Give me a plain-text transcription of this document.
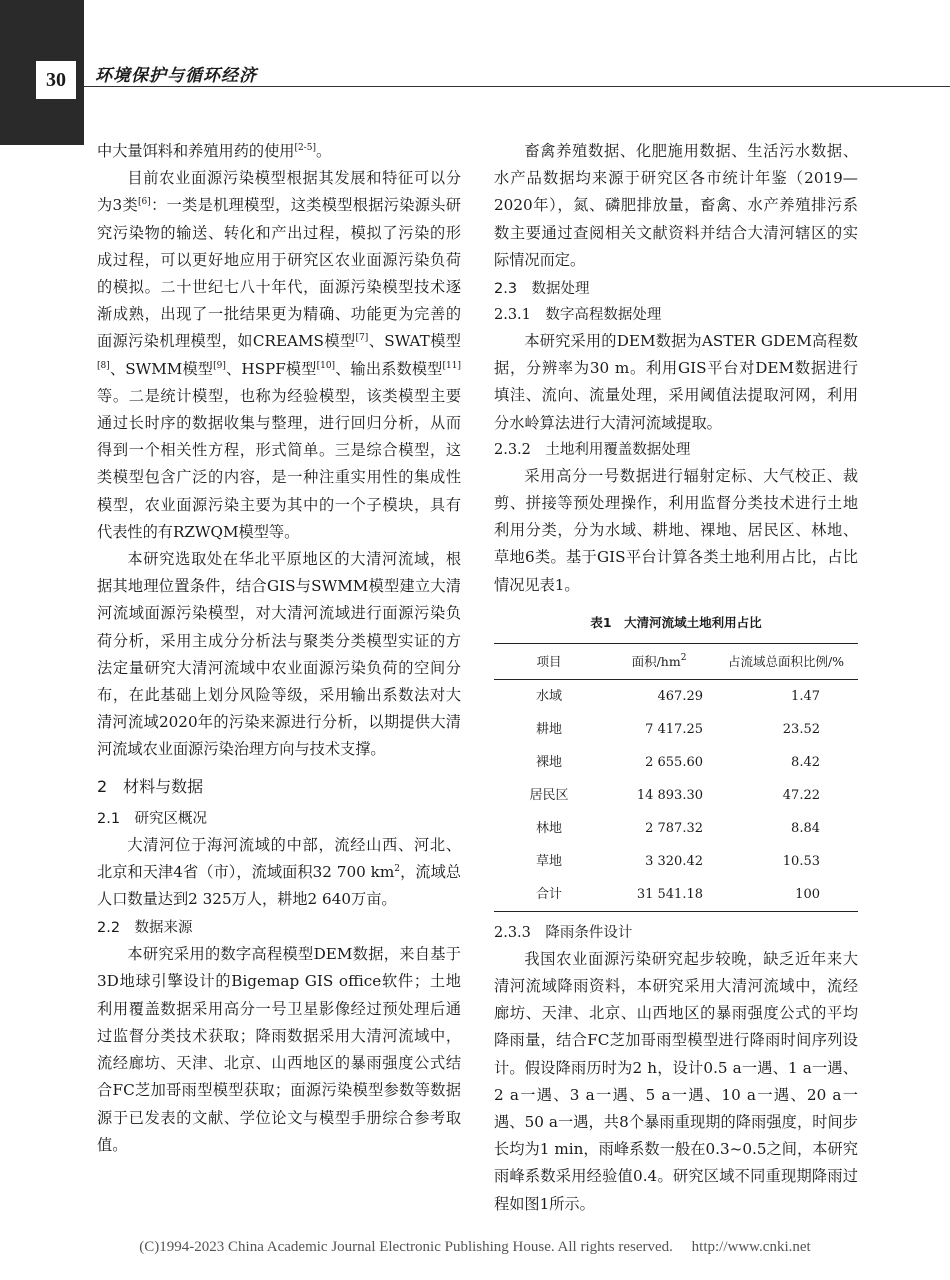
30	环境保护与循环经济

中大量饵料和养殖用药的使用[2-5]。

目前农业面源污染模型根据其发展和特征可以分为3类[6]：一类是机理模型，这类模型根据污染源头研究污染物的输送、转化和产出过程，模拟了污染的形成过程，可以更好地应用于研究区农业面源污染负荷的模拟。二十世纪七八十年代，面源污染模型技术逐渐成熟，出现了一批结果更为精确、功能更为完善的面源污染机理模型，如CREAMS模型[7]、SWAT模型[8]、SWMM模型[9]、HSPF模型[10]、输出系数模型[11]等。二是统计模型，也称为经验模型，该类模型主要通过长时序的数据收集与整理，进行回归分析，从而得到一个相关性方程，形式简单。三是综合模型，这类模型包含广泛的内容，是一种注重实用性的集成性模型，农业面源污染主要为其中的一个子模块，具有代表性的有RZWQM模型等。

本研究选取处在华北平原地区的大清河流域，根据其地理位置条件，结合GIS与SWMM模型建立大清河流域面源污染模型，对大清河流域进行面源污染负荷分析，采用主成分分析法与聚类分类模型实证的方法定量研究大清河流域中农业面源污染负荷的空间分布，在此基础上划分风险等级，采用输出系数法对大清河流域2020年的污染来源进行分析，以期提供大清河流域农业面源污染治理方向与技术支撑。

2　材料与数据
2.1　研究区概况

大清河位于海河流域的中部，流经山西、河北、北京和天津4省（市），流域面积32 700 $km^2$，流域总人口数量达到2 325万人，耕地2 640万亩。

2.2　数据来源

本研究采用的数字高程模型DEM数据，来自基于3D地球引擎设计的Bigemap GIS office软件；土地利用覆盖数据采用高分一号卫星影像经过预处理后通过监督分类技术获取；降雨数据采用大清河流域中，流经廊坊、天津、北京、山西地区的暴雨强度公式结合FC芝加哥雨型模型获取；面源污染模型参数等数据源于已发表的文献、学位论文与模型手册综合参考取值。

畜禽养殖数据、化肥施用数据、生活污水数据、水产品数据均来源于研究区各市统计年鉴（2019—2020年），氮、磷肥排放量，畜禽、水产养殖排污系数主要通过查阅相关文献资料并结合大清河辖区的实际情况而定。

2.3　数据处理
2.3.1　数字高程数据处理

本研究采用的DEM数据为ASTER GDEM高程数据，分辨率为30 m。利用GIS平台对DEM数据进行填洼、流向、流量处理，采用阈值法提取河网，利用分水岭算法进行大清河流域提取。

2.3.2　土地利用覆盖数据处理

采用高分一号数据进行辐射定标、大气校正、裁剪、拼接等预处理操作，利用监督分类技术进行土地利用分类，分为水域、耕地、裸地、居民区、林地、草地6类。基于GIS平台计算各类土地利用占比，占比情况见表1。

表1　大清河流域土地利用占比
项目	面积$/hm^2$	占流域总面积比例/%
水域	467.29	1.47
耕地	7 417.25	23.52
裸地	2 655.60	8.42
居民区	14 893.30	47.22
林地	2 787.32	8.84
草地	3 320.42	10.53
合计	31 541.18	100
2.3.3　降雨条件设计

我国农业面源污染研究起步较晚，缺乏近年来大清河流域降雨资料，本研究采用大清河流域中，流经廊坊、天津、北京、山西地区的暴雨强度公式的平均降雨量，结合FC芝加哥雨型模型进行降雨时间序列设计。假设降雨历时为2 h，设计0.5 a一遇、1 a一遇、2 a一遇、3 a一遇、5 a一遇、10 a一遇、20 a一遇、50 a一遇，共8个暴雨重现期的降雨强度，时间步长均为1 min，雨峰系数一般在0.3~0.5之间，本研究雨峰系数采用经验值0.4。研究区域不同重现期降雨过程如图1所示。

(C)1994-2023 China Academic Journal Electronic Publishing House. All rights reserved.　 http://www.cnki.net
